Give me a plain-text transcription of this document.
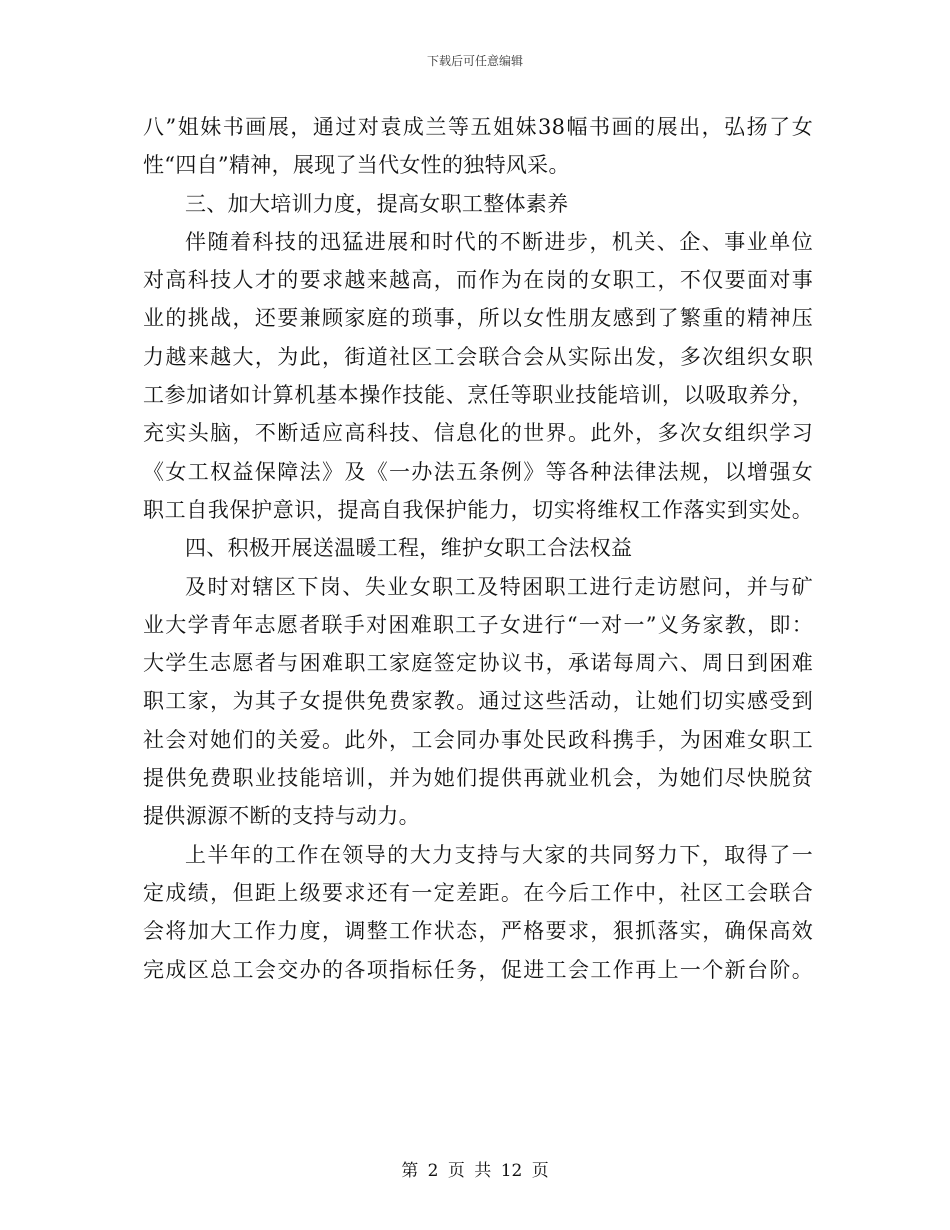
下载后可任意编辑
八”姐妹书画展，通过对袁成兰等五姐妹38幅书画的展出，弘扬了女
性“四自”精神，展现了当代女性的独特风采。
三、加大培训力度，提高女职工整体素养
伴随着科技的迅猛进展和时代的不断进步，机关、企、事业单位
对高科技人才的要求越来越高，而作为在岗的女职工，不仅要面对事
业的挑战，还要兼顾家庭的琐事，所以女性朋友感到了繁重的精神压
力越来越大，为此，街道社区工会联合会从实际出发，多次组织女职
工参加诸如计算机基本操作技能、烹任等职业技能培训，以吸取养分，
充实头脑，不断适应高科技、信息化的世界。此外，多次女组织学习
《女工权益保障法》及《一办法五条例》等各种法律法规，以增强女
职工自我保护意识，提高自我保护能力，切实将维权工作落实到实处。
四、积极开展送温暖工程，维护女职工合法权益
及时对辖区下岗、失业女职工及特困职工进行走访慰问，并与矿
业大学青年志愿者联手对困难职工子女进行“一对一”义务家教，即：
大学生志愿者与困难职工家庭签定协议书，承诺每周六、周日到困难
职工家，为其子女提供免费家教。通过这些活动，让她们切实感受到
社会对她们的关爱。此外，工会同办事处民政科携手，为困难女职工
提供免费职业技能培训，并为她们提供再就业机会，为她们尽快脱贫
提供源源不断的支持与动力。
上半年的工作在领导的大力支持与大家的共同努力下，取得了一
定成绩，但距上级要求还有一定差距。在今后工作中，社区工会联合
会将加大工作力度，调整工作状态，严格要求，狠抓落实，确保高效
完成区总工会交办的各项指标任务，促进工会工作再上一个新台阶。
第 2 页 共 12 页
